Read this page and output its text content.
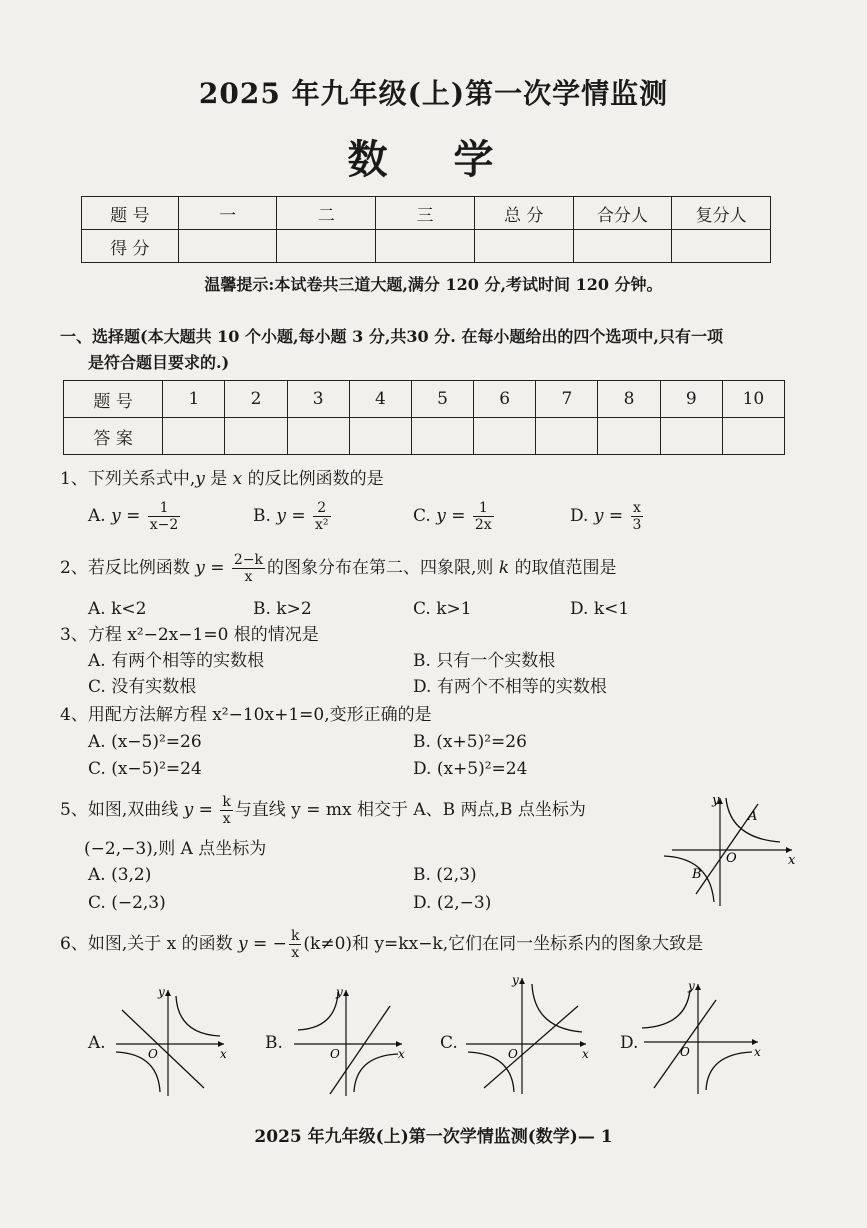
2025 年九年级(上)第一次学情监测
数 学
题 号	一	二	三	总 分	合分人	复分人
得 分						
温馨提示:本试卷共三道大题,满分 120 分,考试时间 120 分钟。
一、选择题(本大题共 10 个小题,每小题 3 分,共30 分. 在每小题给出的四个选项中,只有一项
是符合题目要求的.)
题 号	1	2	3	4	5	6	7	8	9	10
答 案										
1、下列关系式中,y 是 x 的反比例函数的是
A. $y = \frac{1}{x-2}$	B. $y = \frac{2}{\text{x²}}$	C. $y = \frac{1}{2x}$	D. $y = \frac{x}{3}$
2、若反比例函数 $y = \frac{2-k}{x}$ 的图象分布在第二、四象限,则 k 的取值范围是
A. k<2	B. k>2	C. k>1	D. k<1
3、方程 x²−2x−1=0 根的情况是
A. 有两个相等的实数根	B. 只有一个实数根
C. 没有实数根	D. 有两个不相等的实数根
4、用配方法解方程 x²−10x+1=0,变形正确的是
A. (x−5)²=26	B. (x+5)²=26
C. (x−5)²=24	D. (x+5)²=24
5、如图,双曲线 $y = \frac{k}{x}$ 与直线 y = mx 相交于 A、B 两点,B 点坐标为
(−2,−3),则 A 点坐标为
A. (3,2)	B. (2,3)
C. (−2,3)	D. (2,−3)
y
x
O
A
B
6、如图,关于 x 的函数 y = − $\frac{k}{x} (k\ne 0)$和 y=kx−k,它们在同一坐标系内的图象大致是
A.
y
x
O
B.
y
x
O
C.
y
x
O
D.
y
x
O
2025 年九年级(上)第一次学情监测(数学)— 1
